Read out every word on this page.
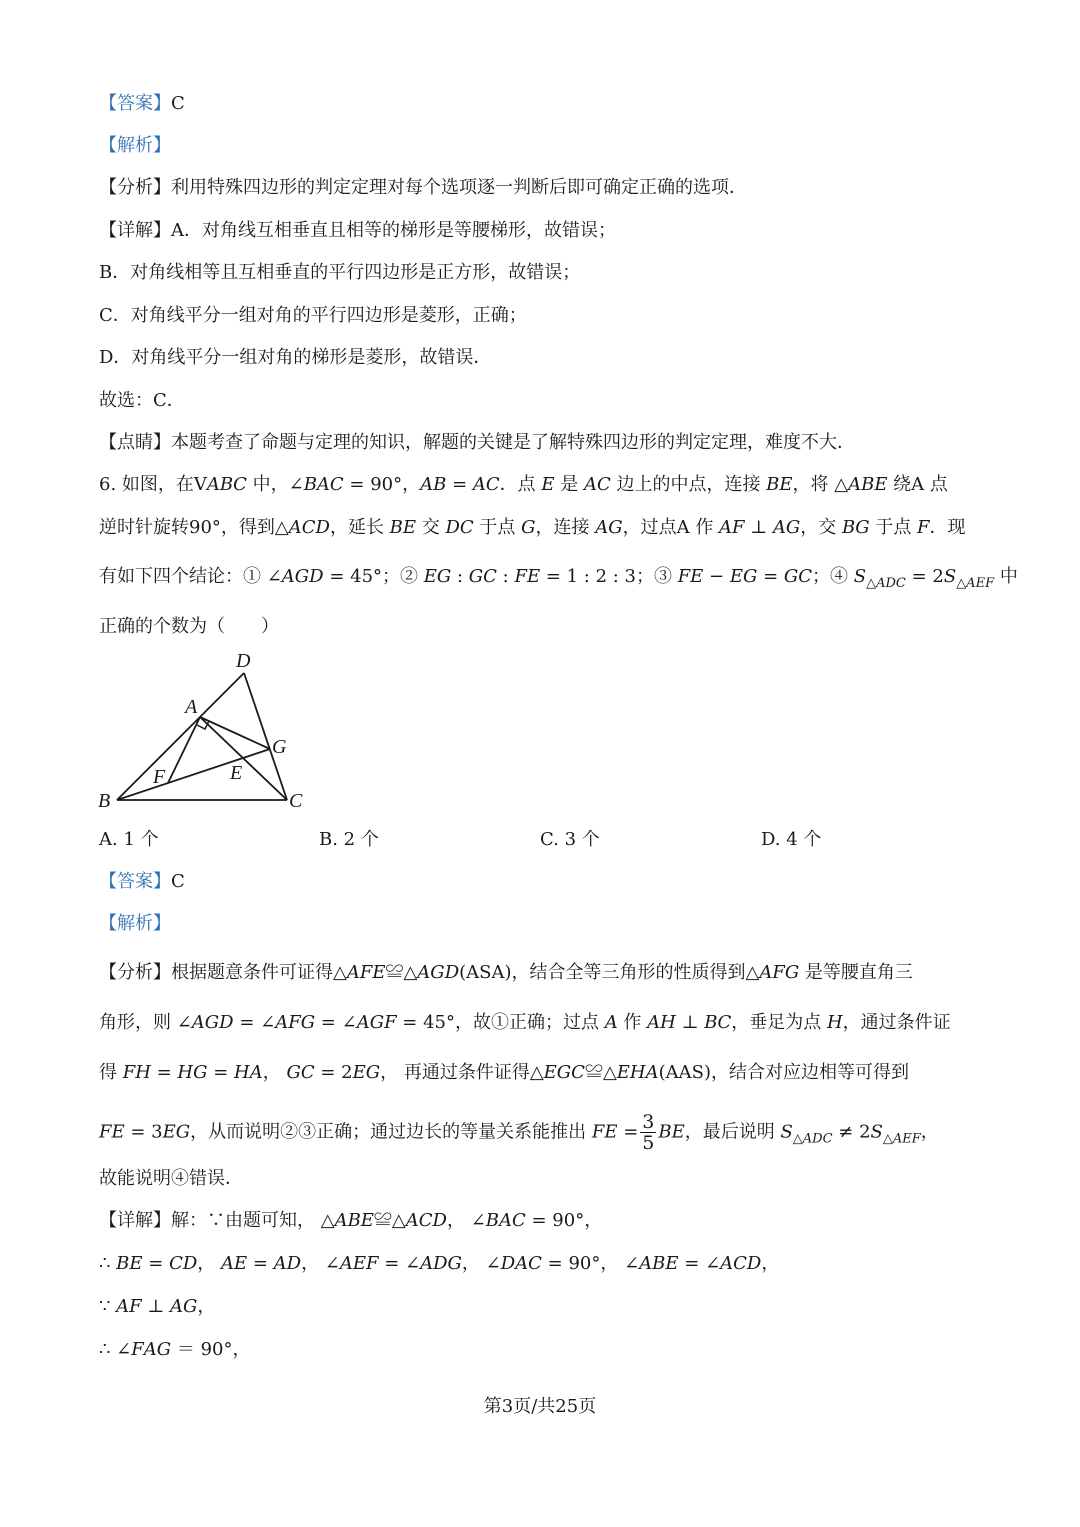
【答案】C
【解析】
【分析】利用特殊四边形的判定定理对每个选项逐一判断后即可确定正确的选项．
【详解】A．对角线互相垂直且相等的梯形是等腰梯形，故错误；
B．对角线相等且互相垂直的平行四边形是正方形，故错误；
C．对角线平分一组对角的平行四边形是菱形，正确；
D．对角线平分一组对角的梯形是菱形，故错误．
故选：C．
【点睛】本题考查了命题与定理的知识，解题的关键是了解特殊四边形的判定定理，难度不大．
6. 如图，在V𝐴𝐵𝐶 中，∠𝐵𝐴𝐶 = 90°，𝐴𝐵 = 𝐴𝐶．点 𝐸 是 𝐴𝐶 边上的中点，连接 𝐵𝐸，将 △𝐴𝐵𝐸 绕A 点
逆时针旋转90°，得到△𝐴𝐶𝐷，延长 𝐵𝐸 交 𝐷𝐶 于点 𝐺，连接 𝐴𝐺，过点A 作 𝐴𝐹 ⊥ 𝐴𝐺，交 𝐵𝐺 于点 𝐹．现
有如下四个结论：① ∠𝐴𝐺𝐷 = 45°；② 𝐸𝐺 : 𝐺𝐶 : 𝐹𝐸 = 1 : 2 : 3；③ 𝐹𝐸 − 𝐸𝐺 = 𝐺𝐶；④ 𝑆$_{\triangle ADC}$ = 2𝑆$_{\triangle AEF}$ 中
正确的个数为（　　）
D
A
G
F	E
B	C
A. 1 个	B. 2 个	C. 3 个	D. 4 个
【答案】C
【解析】
【分析】根据题意条件可证得△𝐴𝐹𝐸≌△𝐴𝐺𝐷(ASA)，结合全等三角形的性质得到△𝐴𝐹𝐺 是等腰直角三
角形，则 ∠𝐴𝐺𝐷 = ∠𝐴𝐹𝐺 = ∠𝐴𝐺𝐹 = 45°，故①正确；过点 𝐴 作 𝐴𝐻 ⊥ 𝐵𝐶，垂足为点 𝐻，通过条件证
得 𝐹𝐻 = 𝐻𝐺 = 𝐻𝐴， 𝐺𝐶 = 2𝐸𝐺， 再通过条件证得△𝐸𝐺𝐶≌△𝐸𝐻𝐴(AAS)，结合对应边相等可得到
𝐹𝐸 = 3𝐸𝐺，从而说明②③正确；通过边长的等量关系能推出 𝐹𝐸 = $\frac{3}{5}$ 𝐵𝐸，最后说明 𝑆$_{\triangle ADC}$ ≠ 2𝑆$_{\triangle AEF}$，
故能说明④错误．
【详解】解：∵由题可知， △𝐴𝐵𝐸≌△𝐴𝐶𝐷， ∠𝐵𝐴𝐶 = 90°，
∴ 𝐵𝐸 = 𝐶𝐷， 𝐴𝐸 = 𝐴𝐷， ∠𝐴𝐸𝐹 = ∠𝐴𝐷𝐺， ∠𝐷𝐴𝐶 = 90°， ∠𝐴𝐵𝐸 = ∠𝐴𝐶𝐷，
∵ 𝐴𝐹 ⊥ 𝐴𝐺，
∴ ∠𝐹𝐴𝐺 ＝ 90°，
第3页/共25页
